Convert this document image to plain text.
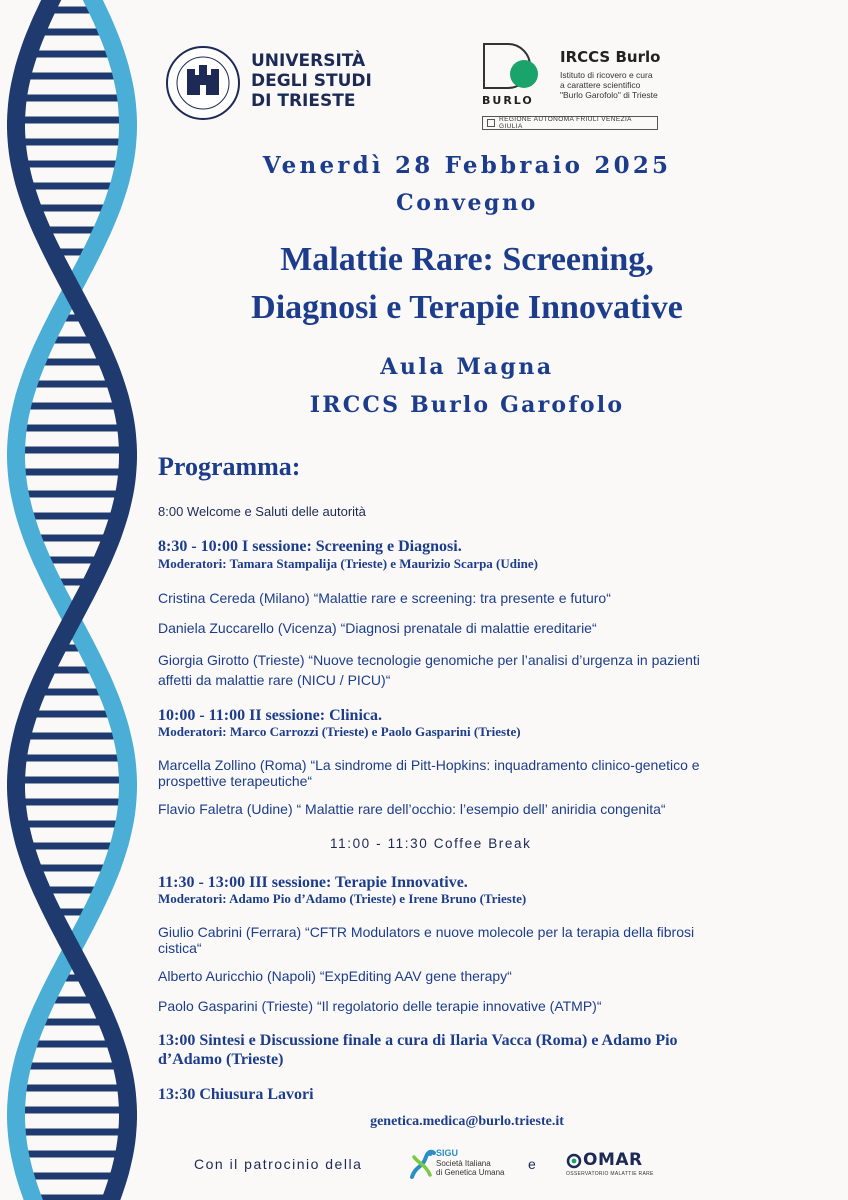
UNIVERSITÀ
DEGLI STUDI
DI TRIESTE	BURLO
IRCCS Burlo
Istituto di ricovero e cura
a carattere scientifico
"Burlo Garofolo" di Trieste
REGIONE AUTONOMA FRIULI VENEZIA GIULIA
Venerdì 28 Febbraio 2025
Convegno
Malattie Rare: Screening,
Diagnosi e Terapie Innovative
Aula Magna
IRCCS Burlo Garofolo
Programma:
8:00 Welcome e Saluti delle autorità
8:30 - 10:00 I sessione: Screening e Diagnosi.
Moderatori: Tamara Stampalija (Trieste) e Maurizio Scarpa (Udine)
Cristina Cereda (Milano) “Malattie rare e screening: tra presente e futuro“
Daniela Zuccarello (Vicenza) “Diagnosi prenatale di malattie ereditarie“
Giorgia Girotto (Trieste) “Nuove tecnologie genomiche per l’analisi d’urgenza in pazienti
affetti da malattie rare (NICU / PICU)“
10:00 - 11:00 II sessione: Clinica.
Moderatori: Marco Carrozzi (Trieste) e Paolo Gasparini (Trieste)
Marcella Zollino (Roma) “La sindrome di Pitt-Hopkins: inquadramento clinico-genetico e
prospettive terapeutiche“
Flavio Faletra (Udine) “ Malattie rare dell’occhio: l’esempio dell’ aniridia congenita“
11:00 - 11:30 Coffee Break
11:30 - 13:00 III sessione: Terapie Innovative.
Moderatori: Adamo Pio d’Adamo (Trieste) e Irene Bruno (Trieste)
Giulio Cabrini (Ferrara) “CFTR Modulators e nuove molecole per la terapia della fibrosi
cistica“
Alberto Auricchio (Napoli) “ExpEditing AAV gene therapy“
Paolo Gasparini (Trieste) “Il regolatorio delle terapie innovative (ATMP)“
13:00 Sintesi e Discussione finale a cura di Ilaria Vacca (Roma) e Adamo Pio
d’Adamo (Trieste)
13:30 Chiusura Lavori
genetica.medica@burlo.trieste.it
Con il patrocinio della
SIGU
Società Italiana
di Genetica Umana
e	OMAR
OSSERVATORIO MALATTIE RARE
